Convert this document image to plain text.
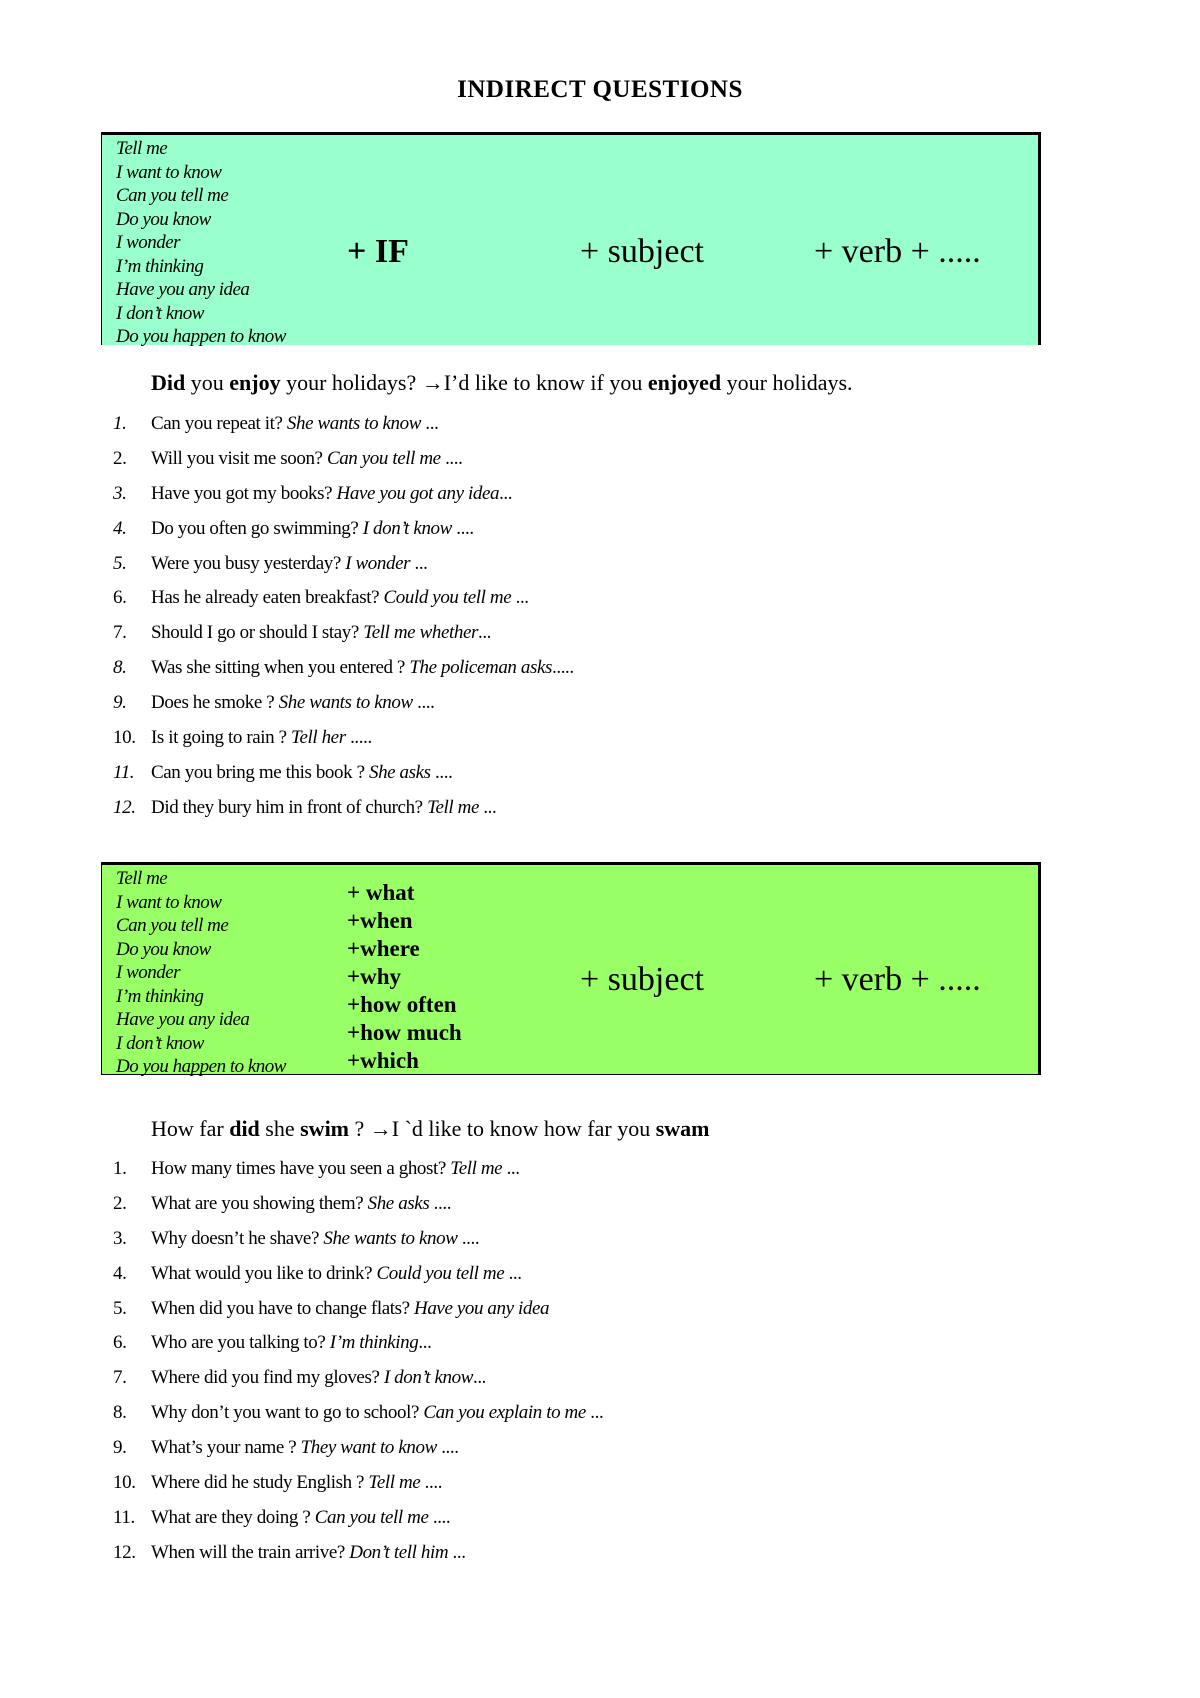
INDIRECT QUESTIONS
Tell me
I want to know
Can you tell me
Do you know
I wonder
I’m thinking
Have you any idea
I don’t know
Do you happen to know
+ IF	+ subject	+ verb + .....
Did you enjoy your holidays? →I’d like to know if you enjoyed your holidays.
1. Can you repeat it? She wants to know ...
2. Will you visit me soon? Can you tell me ....
3. Have you got my books? Have you got any idea...
4. Do you often go swimming? I don’t know ....
5. Were you busy yesterday? I wonder ...
6. Has he already eaten breakfast? Could you tell me ...
7. Should I go or should I stay? Tell me whether...
8. Was she sitting when you entered ? The policeman asks.....
9. Does he smoke ? She wants to know ....
10. Is it going to rain ? Tell her .....
11. Can you bring me this book ? She asks ....
12. Did they bury him in front of church? Tell me ...
Tell me
I want to know
Can you tell me
Do you know
I wonder
I’m thinking
Have you any idea
I don’t know
Do you happen to know
+ what
+when
+where
+why
+how often
+how much
+which
+ subject	+ verb + .....
How far did she swim ? →I `d like to know how far you swam
1. How many times have you seen a ghost? Tell me ...
2. What are you showing them? She asks ....
3. Why doesn’t he shave? She wants to know ....
4. What would you like to drink? Could you tell me ...
5. When did you have to change flats? Have you any idea
6. Who are you talking to? I’m thinking...
7. Where did you find my gloves? I don’t know...
8. Why don’t you want to go to school? Can you explain to me ...
9. What’s your name ? They want to know ....
10. Where did he study English ? Tell me ....
11. What are they doing ? Can you tell me ....
12. When will the train arrive? Don’t tell him ...
